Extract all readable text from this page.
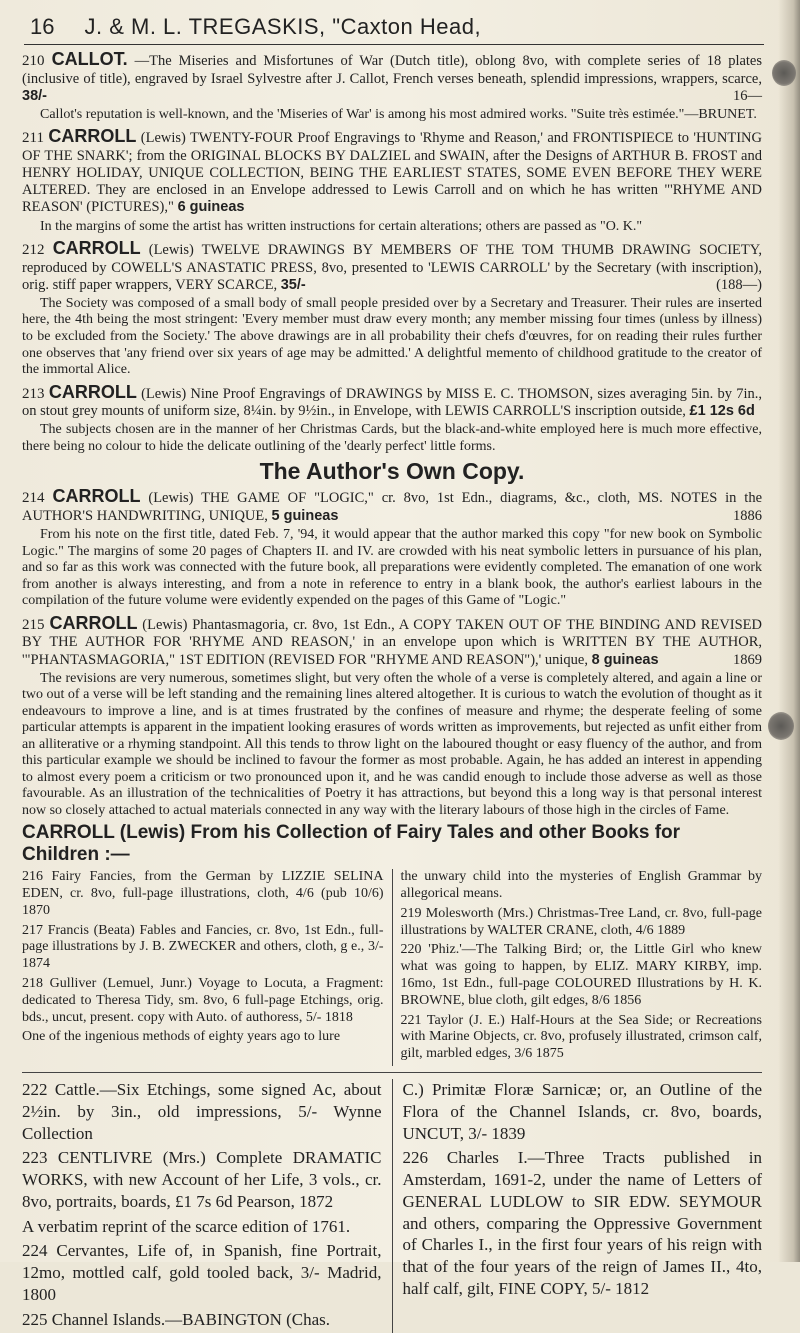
16 J. & M. L. TREGASKIS, "Caxton Head,

210 CALLOT. —The Miseries and Misfortunes of War (Dutch title), oblong 8vo, with complete series of 18 plates (inclusive of title), engraved by Israel Sylvestre after J. Callot, French verses beneath, splendid impressions, wrappers, scarce, 38/-	16—

Callot's reputation is well-known, and the 'Miseries of War' is among his most admired works. "Suite très estimée."—BRUNET.

211 CARROLL (Lewis) TWENTY-FOUR Proof Engravings to 'Rhyme and Reason,' and FRONTISPIECE to 'HUNTING OF THE SNARK'; from the ORIGINAL BLOCKS BY DALZIEL and SWAIN, after the Designs of ARTHUR B. FROST and HENRY HOLIDAY, UNIQUE COLLECTION, BEING THE EARLIEST STATES, SOME EVEN BEFORE THEY WERE ALTERED. They are enclosed in an Envelope addressed to Lewis Carroll and on which he has written "'RHYME AND REASON' (PICTURES)," 6 guineas

In the margins of some the artist has written instructions for certain alterations; others are passed as "O. K."

212 CARROLL (Lewis) TWELVE DRAWINGS BY MEMBERS OF THE TOM THUMB DRAWING SOCIETY, reproduced by COWELL'S ANASTATIC PRESS, 8vo, presented to 'LEWIS CARROLL' by the Secretary (with inscription), orig. stiff paper wrappers, VERY SCARCE, 35/-	(188—)

The Society was composed of a small body of small people presided over by a Secretary and Treasurer. Their rules are inserted here, the 4th being the most stringent: 'Every member must draw every month; any member missing four times (unless by illness) to be excluded from the Society.' The above drawings are in all probability their chefs d'œuvres, for on reading their rules further one observes that 'any friend over six years of age may be admitted.' A delightful memento of childhood gratitude to the creator of the immortal Alice.

213 CARROLL (Lewis) Nine Proof Engravings of DRAWINGS by MISS E. C. THOMSON, sizes averaging 5in. by 7in., on stout grey mounts of uniform size, 8¼in. by 9½in., in Envelope, with LEWIS CARROLL'S inscription outside, £1 12s 6d

The subjects chosen are in the manner of her Christmas Cards, but the black-and-white employed here is much more effective, there being no colour to hide the delicate outlining of the 'dearly perfect' little forms.

The Author's Own Copy.

214 CARROLL (Lewis) THE GAME OF "LOGIC," cr. 8vo, 1st Edn., diagrams, &c., cloth, MS. NOTES in the AUTHOR'S HANDWRITING, UNIQUE, 5 guineas	1886

From his note on the first title, dated Feb. 7, '94, it would appear that the author marked this copy "for new book on Symbolic Logic." The margins of some 20 pages of Chapters II. and IV. are crowded with his neat symbolic letters in pursuance of his plan, and so far as this work was connected with the future book, all preparations were evidently completed. The emanation of one work from another is always interesting, and from a note in reference to entry in a blank book, the author's earliest labours in the compilation of the future volume were evidently expended on the pages of this Game of "Logic."

215 CARROLL (Lewis) Phantasmagoria, cr. 8vo, 1st Edn., A COPY TAKEN OUT OF THE BINDING AND REVISED BY THE AUTHOR FOR 'RHYME AND REASON,' in an envelope upon which is WRITTEN BY THE AUTHOR, '"PHANTASMAGORIA," 1ST EDITION (REVISED FOR "RHYME AND REASON"),' unique, 8 guineas	1869

The revisions are very numerous, sometimes slight, but very often the whole of a verse is completely altered, and again a line or two out of a verse will be left standing and the remaining lines altered altogether. It is curious to watch the evolution of thought as it endeavours to improve a line, and is at times frustrated by the confines of measure and rhyme; the desperate feeling of some particular attempts is apparent in the impatient looking erasures of words written as improvements, but rejected as unfit either from an alliterative or a rhyming standpoint. All this tends to throw light on the laboured thought or easy fluency of the author, and from this particular example we should be inclined to favour the former as most probable. Again, he has added an interest in appending to almost every poem a criticism or two pronounced upon it, and he was candid enough to include those adverse as well as those favourable. As an illustration of the technicalities of Poetry it has attractions, but beyond this a long way is that personal interest now so closely attached to actual materials connected in any way with the literary labours of those high in the circles of Fame.

CARROLL (Lewis) From his Collection of Fairy Tales and other Books for Children :—
216 Fairy Fancies, from the German by LIZZIE SELINA EDEN, cr. 8vo, full-page illustrations, cloth, 4/6 (pub 10/6) 1870
217 Francis (Beata) Fables and Fancies, cr. 8vo, 1st Edn., full-page illustrations by J. B. ZWECKER and others, cloth, g e., 3/- 1874
218 Gulliver (Lemuel, Junr.) Voyage to Locuta, a Fragment: dedicated to Theresa Tidy, sm. 8vo, 6 full-page Etchings, orig. bds., uncut, present. copy with Auto. of authoress, 5/- 1818
One of the ingenious methods of eighty years ago to lure
the unwary child into the mysteries of English Grammar by allegorical means.
219 Molesworth (Mrs.) Christmas-Tree Land, cr. 8vo, full-page illustrations by WALTER CRANE, cloth, 4/6 1889
220 'Phiz.'—The Talking Bird; or, the Little Girl who knew what was going to happen, by ELIZ. MARY KIRBY, imp. 16mo, 1st Edn., full-page COLOURED Illustrations by H. K. BROWNE, blue cloth, gilt edges, 8/6 1856
221 Taylor (J. E.) Half-Hours at the Sea Side; or Recreations with Marine Objects, cr. 8vo, profusely illustrated, crimson calf, gilt, marbled edges, 3/6 1875
222 Cattle.—Six Etchings, some signed Ac, about 2½in. by 3in., old impressions, 5/- Wynne Collection
223 CENTLIVRE (Mrs.) Complete DRAMATIC WORKS, with new Account of her Life, 3 vols., cr. 8vo, portraits, boards, £1 7s 6d Pearson, 1872
A verbatim reprint of the scarce edition of 1761.
224 Cervantes, Life of, in Spanish, fine Portrait, 12mo, mottled calf, gold tooled back, 3/- Madrid, 1800
225 Channel Islands.—BABINGTON (Chas.
C.) Primitæ Floræ Sarnicæ; or, an Outline of the Flora of the Channel Islands, cr. 8vo, boards, UNCUT, 3/- 1839
226 Charles I.—Three Tracts published in Amsterdam, 1691-2, under the name of Letters of GENERAL LUDLOW to SIR EDW. SEYMOUR and others, comparing the Oppressive Government of Charles I., in the first four years of his reign with that of the four years of the reign of James II., 4to, half calf, gilt, FINE COPY, 5/- 1812
